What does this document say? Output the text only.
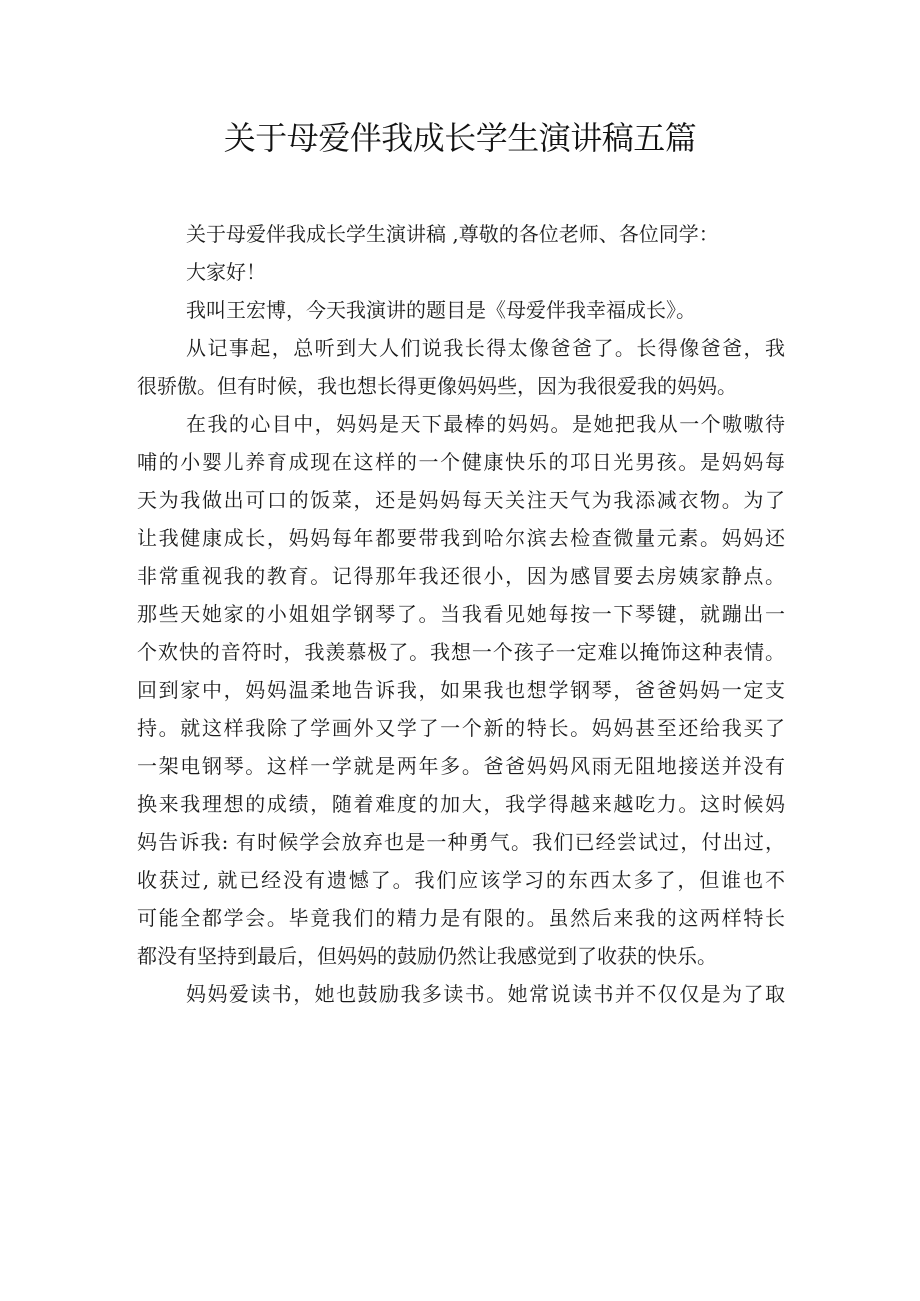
关于母爱伴我成长学生演讲稿五篇
关于母爱伴我成长学生演讲稿 ,尊敬的各位老师、各位同学：
大家好！
我叫王宏博，今天我演讲的题目是《母爱伴我幸福成长》。
从记事起，总听到大人们说我长得太像爸爸了。长得像爸爸，我
很骄傲。但有时候，我也想长得更像妈妈些，因为我很爱我的妈妈。
在我的心目中，妈妈是天下最棒的妈妈。是她把我从一个嗷嗷待
哺的小婴儿养育成现在这样的一个健康快乐的邛日光男孩。是妈妈每
天为我做出可口的饭菜，还是妈妈每天关注天气为我添减衣物。为了
让我健康成长，妈妈每年都要带我到哈尔滨去检查微量元素。妈妈还
非常重视我的教育。记得那年我还很小，因为感冒要去房姨家静点。
那些天她家的小姐姐学钢琴了。当我看见她每按一下琴键，就蹦出一
个欢快的音符时，我羡慕极了。我想一个孩子一定难以掩饰这种表情。
回到家中，妈妈温柔地告诉我，如果我也想学钢琴，爸爸妈妈一定支
持。就这样我除了学画外又学了一个新的特长。妈妈甚至还给我买了
一架电钢琴。这样一学就是两年多。爸爸妈妈风雨无阻地接送并没有
换来我理想的成绩，随着难度的加大，我学得越来越吃力。这时候妈
妈告诉我: 有时候学会放弃也是一种勇气。我们已经尝试过，付出过，
收获过, 就已经没有遗憾了。我们应该学习的东西太多了，但谁也不
可能全都学会。毕竟我们的精力是有限的。虽然后来我的这两样特长
都没有坚持到最后，但妈妈的鼓励仍然让我感觉到了收获的快乐。
妈妈爱读书，她也鼓励我多读书。她常说读书并不仅仅是为了取
